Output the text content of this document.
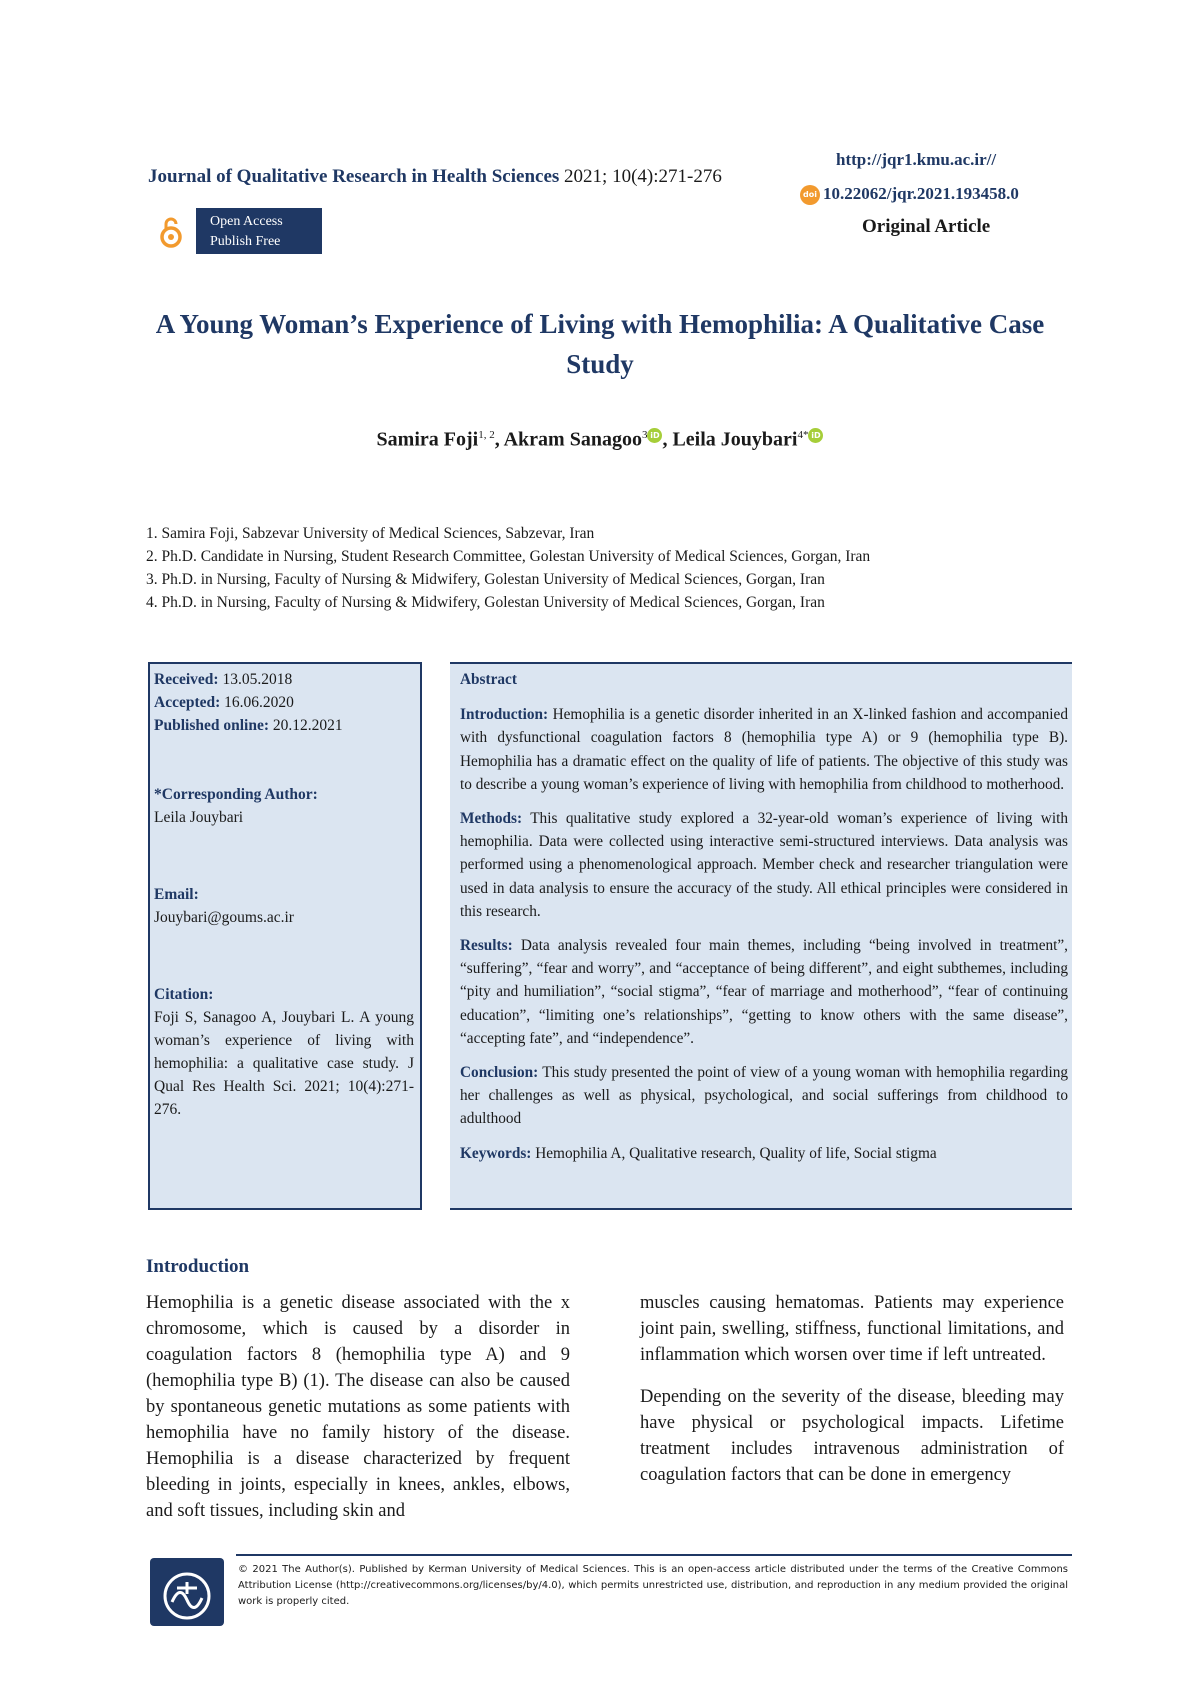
Journal of Qualitative Research in Health Sciences 2021; 10(4):271-276
Open Access
Publish Free
http://jqr1.kmu.ac.ir//
doi 10.22062/jqr.2021.193458.0
Original Article
A Young Woman’s Experience of Living with Hemophilia: A Qualitative Case Study
Samira Foji$^{1, 2}$, Akram Sanagoo$^3$ iD , Leila Jouybari$^{4*}$ iD
1. Samira Foji, Sabzevar University of Medical Sciences, Sabzevar, Iran
2. Ph.D. Candidate in Nursing, Student Research Committee, Golestan University of Medical Sciences, Gorgan, Iran
3. Ph.D. in Nursing, Faculty of Nursing & Midwifery, Golestan University of Medical Sciences, Gorgan, Iran
4. Ph.D. in Nursing, Faculty of Nursing & Midwifery, Golestan University of Medical Sciences, Gorgan, Iran
Received: 13.05.2018
Accepted: 16.06.2020
Published online: 20.12.2021
*Corresponding Author:
Leila Jouybari
Email:
Jouybari@goums.ac.ir
Citation:
Foji S, Sanagoo A, Jouybari L. A young woman’s experience of living with hemophilia: a qualitative case study. J Qual Res Health Sci. 2021; 10(4):271-276.
Abstract

Introduction: Hemophilia is a genetic disorder inherited in an X-linked fashion and accompanied with dysfunctional coagulation factors 8 (hemophilia type A) or 9 (hemophilia type B). Hemophilia has a dramatic effect on the quality of life of patients. The objective of this study was to describe a young woman’s experience of living with hemophilia from childhood to motherhood.

Methods: This qualitative study explored a 32-year-old woman’s experience of living with hemophilia. Data were collected using interactive semi-structured interviews. Data analysis was performed using a phenomenological approach. Member check and researcher triangulation were used in data analysis to ensure the accuracy of the study. All ethical principles were considered in this research.

Results: Data analysis revealed four main themes, including “being involved in treatment”, “suffering”, “fear and worry”, and “acceptance of being different”, and eight subthemes, including “pity and humiliation”, “social stigma”, “fear of marriage and motherhood”, “fear of continuing education”, “limiting one’s relationships”, “getting to know others with the same disease”, “accepting fate”, and “independence”.

Conclusion: This study presented the point of view of a young woman with hemophilia regarding her challenges as well as physical, psychological, and social sufferings from childhood to adulthood

Keywords: Hemophilia A, Qualitative research, Quality of life, Social stigma

Introduction

Hemophilia is a genetic disease associated with the x chromosome, which is caused by a disorder in coagulation factors 8 (hemophilia type A) and 9 (hemophilia type B) (1). The disease can also be caused by spontaneous genetic mutations as some patients with hemophilia have no family history of the disease. Hemophilia is a disease characterized by frequent bleeding in joints, especially in knees, ankles, elbows, and soft tissues, including skin and

muscles causing hematomas. Patients may experience joint pain, swelling, stiffness, functional limitations, and inflammation which worsen over time if left untreated.

Depending on the severity of the disease, bleeding may have physical or psychological impacts. Lifetime treatment includes intravenous administration of coagulation factors that can be done in emergency

© 2021 The Author(s). Published by Kerman University of Medical Sciences. This is an open-access article distributed under the terms of the Creative Commons Attribution License (http://creativecommons.org/licenses/by/4.0), which permits unrestricted use, distribution, and reproduction in any medium provided the original work is properly cited.
